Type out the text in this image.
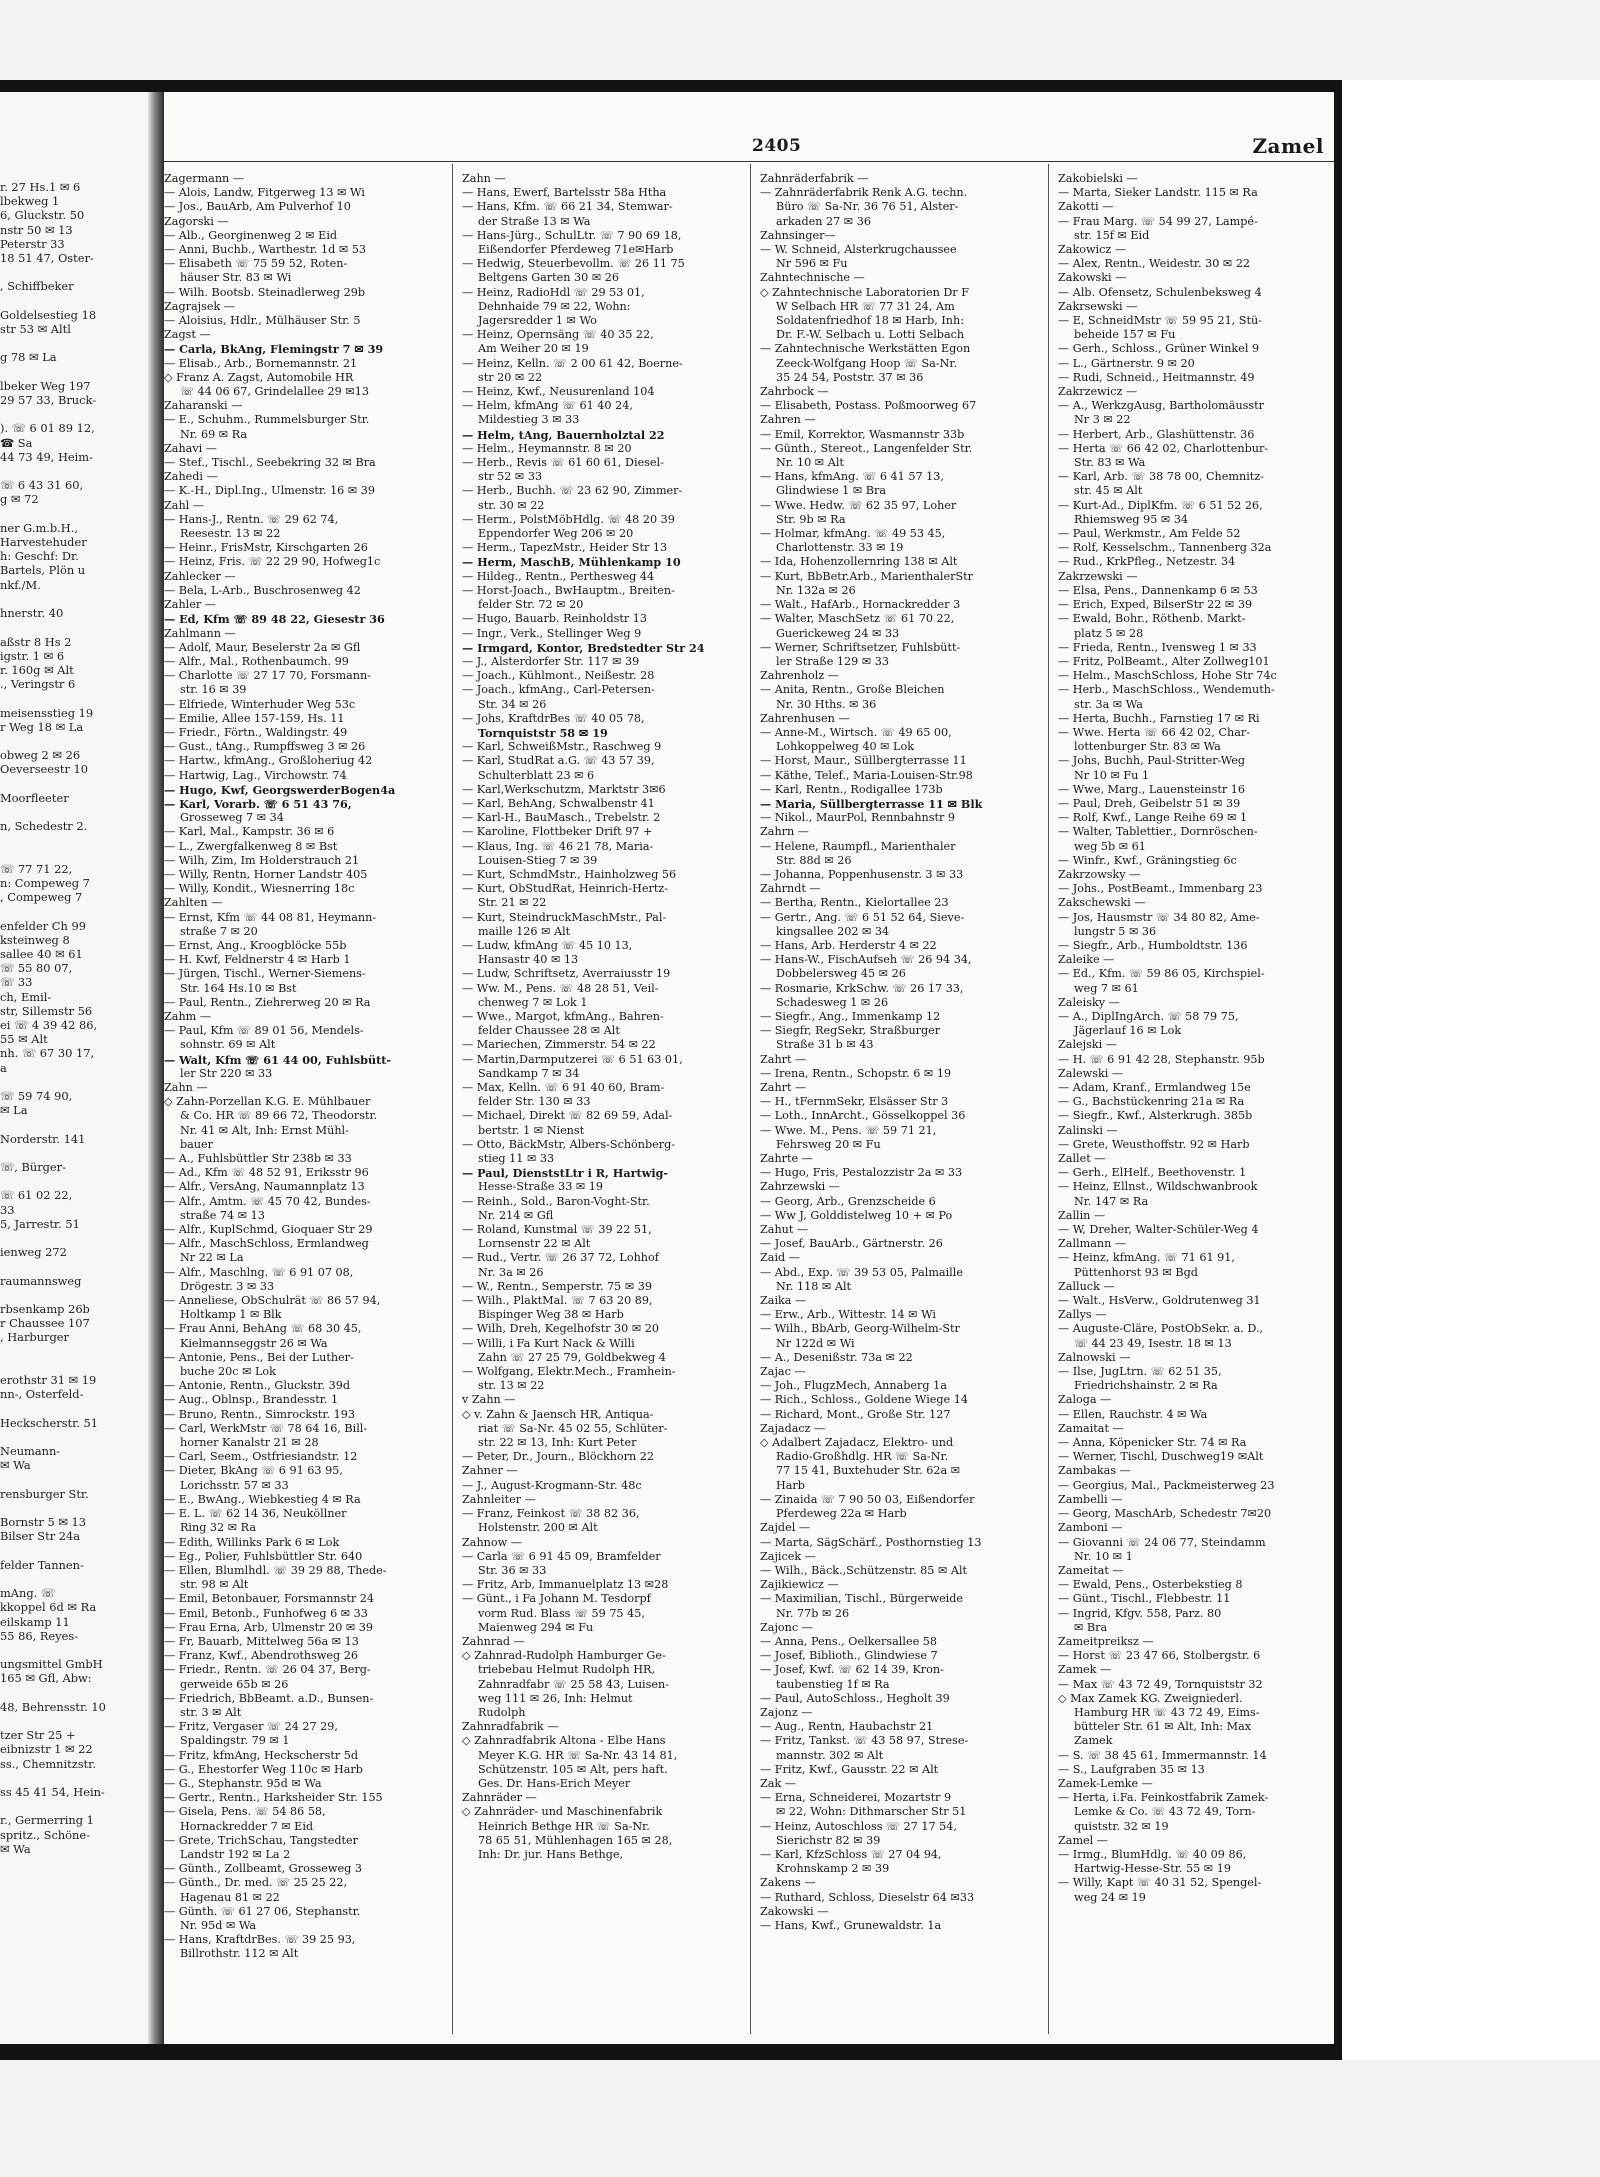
r. 27 Hs.1 ✉ 6
lbekweg 1
6, Gluckstr. 50
nstr 50 ✉ 13
Peterstr 33
18 51 47, Oster-

, Schiffbeker

Goldelsestieg 18
str 53 ✉ Altl

g 78 ✉ La

lbeker Weg 197
29 57 33, Bruck-

). ☏ 6 01 89 12,
☎ Sa
44 73 49, Heim-

☏ 6 43 31 60,
g ✉ 72

ner G.m.b.H.,
Harvestehuder
h: Geschf: Dr.
Bartels, Plön u
nkf./M.

hnerstr. 40

aßstr 8 Hs 2
igstr. 1 ✉ 6
r. 160g ✉ Alt
., Veringstr 6

meisensstieg 19
r Weg 18 ✉ La

obweg 2 ✉ 26
Oeverseestr 10

Moorfleeter

n, Schedestr 2.

☏ 77 71 22,
n: Compeweg 7
, Compeweg 7

enfelder Ch 99
ksteinweg 8
sallee 40 ✉ 61
☏ 55 80 07,
☏ 33
ch, Emil-
str, Sillemstr 56
ei ☏ 4 39 42 86,
55 ✉ Alt
nh. ☏ 67 30 17,
a

☏ 59 74 90,
✉ La

Norderstr. 141

☏, Bürger-

☏ 61 02 22,
33
5, Jarrestr. 51

ienweg 272

raumannsweg

rbsenkamp 26b
r Chaussee 107
, Harburger

erothstr 31 ✉ 19
nn-, Osterfeld-

Heckscherstr. 51

Neumann-
✉ Wa

rensburger Str.

Bornstr 5 ✉ 13
Bilser Str 24a

felder Tannen-

mAng. ☏
kkoppel 6d ✉ Ra
eilskamp 11
55 86, Reyes-

ungsmittel GmbH
165 ✉ Gfl, Abw:

48, Behrensstr. 10

tzer Str 25 +
eibnizstr 1 ✉ 22
ss., Chemnitzstr.

ss 45 41 54, Hein-

r., Germerring 1
spritz., Schöne-
✉ Wa
2405	Zamel
Zagermann —
— Alois, Landw, Fitgerweg 13 ✉ Wi
— Jos., BauArb, Am Pulverhof 10
Zagorski —
— Alb., Georginenweg 2 ✉ Eid
— Anni, Buchb., Warthestr. 1d ✉ 53
— Elisabeth ☏ 75 59 52, Roten-
häuser Str. 83 ✉ Wi
— Wilh. Bootsb. Steinadlerweg 29b
Zagrajsek —
— Aloisius, Hdlr., Mülhäuser Str. 5
Zagst —
— Carla, BkAng, Flemingstr 7 ✉ 39
— Elisab., Arb., Bornemannstr. 21
◇ Franz A. Zagst, Automobile HR
☏ 44 06 67, Grindelallee 29 ✉13
Zaharanski —
— E., Schuhm., Rummelsburger Str.
Nr. 69 ✉ Ra
Zahavi —
— Stef., Tischl., Seebekring 32 ✉ Bra
Zahedi —
— K.-H., Dipl.Ing., Ulmenstr. 16 ✉ 39
Zahl —
— Hans-J., Rentn. ☏ 29 62 74,
Reesestr. 13 ✉ 22
— Heinr., FrisMstr, Kirschgarten 26
— Heinz, Fris. ☏ 22 29 90, Hofweg1c
Zahlecker —
— Bela, L-Arb., Buschrosenweg 42
Zahler —
— Ed, Kfm ☏ 89 48 22, Giesestr 36
Zahlmann —
— Adolf, Maur, Beselerstr 2a ✉ Gfl
— Alfr., Mal., Rothenbaumch. 99
— Charlotte ☏ 27 17 70, Forsmann-
str. 16 ✉ 39
— Elfriede, Winterhuder Weg 53c
— Emilie, Allee 157-159, Hs. 11
— Friedr., Förtn., Waldingstr. 49
— Gust., tAng., Rumpffsweg 3 ✉ 26
— Hartw., kfmAng., Großloheriug 42
— Hartwig, Lag., Virchowstr. 74
— Hugo, Kwf, GeorgswerderBogen4a
— Karl, Vorarb. ☏ 6 51 43 76,
Grosseweg 7 ✉ 34
— Karl, Mal., Kampstr. 36 ✉ 6
— L., Zwergfalkenweg 8 ✉ Bst
— Wilh, Zim, Im Holderstrauch 21
— Willy, Rentn, Horner Landstr 405
— Willy, Kondit., Wiesnerring 18c
Zahlten —
— Ernst, Kfm ☏ 44 08 81, Heymann-
straße 7 ✉ 20
— Ernst, Ang., Kroogblöcke 55b
— H. Kwf, Feldnerstr 4 ✉ Harb 1
— Jürgen, Tischl., Werner-Siemens-
Str. 164 Hs.10 ✉ Bst
— Paul, Rentn., Ziehrerweg 20 ✉ Ra
Zahm —
— Paul, Kfm ☏ 89 01 56, Mendels-
sohnstr. 69 ✉ Alt
— Walt, Kfm ☏ 61 44 00, Fuhlsbütt-
ler Str 220 ✉ 33
Zahn —
◇ Zahn-Porzellan K.G. E. Mühlbauer
& Co. HR ☏ 89 66 72, Theodorstr.
Nr. 41 ✉ Alt, Inh: Ernst Mühl-
bauer
— A., Fuhlsbüttler Str 238b ✉ 33
— Ad., Kfm ☏ 48 52 91, Eriksstr 96
— Alfr., VersAng, Naumannplatz 13
— Alfr., Amtm. ☏ 45 70 42, Bundes-
straße 74 ✉ 13
— Alfr., KuplSchmd, Gioquaer Str 29
— Alfr., MaschSchloss, Ermlandweg
Nr 22 ✉ La
— Alfr., Maschlng. ☏ 6 91 07 08,
Drögestr. 3 ✉ 33
— Anneliese, ObSchulrät ☏ 86 57 94,
Holtkamp 1 ✉ Blk
— Frau Anni, BehAng ☏ 68 30 45,
Kielmannseggstr 26 ✉ Wa
— Antonie, Pens., Bei der Luther-
buche 20c ✉ Lok
— Antonie, Rentn., Gluckstr. 39d
— Aug., Oblnsp., Brandesstr. 1
— Bruno, Rentn., Simrockstr. 193
— Carl, WerkMstr ☏ 78 64 16, Bill-
horner Kanalstr 21 ✉ 28
— Carl, Seem., Ostfriesiandstr. 12
— Dieter, BkAng ☏ 6 91 63 95,
Lorichsstr. 57 ✉ 33
— E., BwAng., Wiebkestieg 4 ✉ Ra
— E. L. ☏ 62 14 36, Neuköllner
Ring 32 ✉ Ra
— Edith, Willinks Park 6 ✉ Lok
— Eg., Polier, Fuhlsbüttler Str. 640
— Ellen, Blumlhdl. ☏ 39 29 88, Thede-
str. 98 ✉ Alt
— Emil, Betonbauer, Forsmannstr 24
— Emil, Betonb., Funhofweg 6 ✉ 33
— Frau Erna, Arb, Ulmenstr 20 ✉ 39
— Fr, Bauarb, Mittelweg 56a ✉ 13
— Franz, Kwf., Abendrothsweg 26
— Friedr., Rentn. ☏ 26 04 37, Berg-
gerweide 65b ✉ 26
— Friedrich, BbBeamt. a.D., Bunsen-
str. 3 ✉ Alt
— Fritz, Vergaser ☏ 24 27 29,
Spaldingstr. 79 ✉ 1
— Fritz, kfmAng, Heckscherstr 5d
— G., Ehestorfer Weg 110c ✉ Harb
— G., Stephanstr. 95d ✉ Wa
— Gertr., Rentn., Harksheider Str. 155
— Gisela, Pens. ☏ 54 86 58,
Hornackredder 7 ✉ Eid
— Grete, TrichSchau, Tangstedter
Landstr 192 ✉ La 2
— Günth., Zollbeamt, Grosseweg 3
— Günth., Dr. med. ☏ 25 25 22,
Hagenau 81 ✉ 22
— Günth. ☏ 61 27 06, Stephanstr.
Nr. 95d ✉ Wa
— Hans, KraftdrBes. ☏ 39 25 93,
Billrothstr. 112 ✉ Alt
Zahn —
— Hans, Ewerf, Bartelsstr 58a Htha
— Hans, Kfm. ☏ 66 21 34, Stemwar-
der Straße 13 ✉ Wa
— Hans-Jürg., SchulLtr. ☏ 7 90 69 18,
Eißendorfer Pferdeweg 71e✉Harb
— Hedwig, Steuerbevollm. ☏ 26 11 75
Beltgens Garten 30 ✉ 26
— Heinz, RadioHdl ☏ 29 53 01,
Dehnhaide 79 ✉ 22, Wohn:
Jagersredder 1 ✉ Wo
— Heinz, Opernsäng ☏ 40 35 22,
Am Weiher 20 ✉ 19
— Heinz, Kelln. ☏ 2 00 61 42, Boerne-
str 20 ✉ 22
— Heinz, Kwf., Neusurenland 104
— Helm, kfmAng ☏ 61 40 24,
Mildestieg 3 ✉ 33
— Helm, tAng, Bauernholztal 22
— Helm., Heymannstr. 8 ✉ 20
— Herb., Revis ☏ 61 60 61, Diesel-
str 52 ✉ 33
— Herb., Buchh. ☏ 23 62 90, Zimmer-
str. 30 ✉ 22
— Herm., PolstMöbHdlg. ☏ 48 20 39
Eppendorfer Weg 206 ✉ 20
— Herm., TapezMstr., Heider Str 13
— Herm, MaschB, Mühlenkamp 10
— Hildeg., Rentn., Perthesweg 44
— Horst-Joach., BwHauptm., Breiten-
felder Str. 72 ✉ 20
— Hugo, Bauarb. Reinholdstr 13
— Ingr., Verk., Stellinger Weg 9
— Irmgard, Kontor, Bredstedter Str 24
— J., Alsterdorfer Str. 117 ✉ 39
— Joach., Kühlmont., Neißestr. 28
— Joach., kfmAng., Carl-Petersen-
Str. 34 ✉ 26
— Johs, KraftdrBes ☏ 40 05 78,
Tornquiststr 58 ✉ 19
— Karl, SchweißMstr., Raschweg 9
— Karl, StudRat a.G. ☏ 43 57 39,
Schulterblatt 23 ✉ 6
— Karl,Werkschutzm, Marktstr 3✉6
— Karl, BehAng, Schwalbenstr 41
— Karl-H., BauMasch., Trebelstr. 2
— Karoline, Flottbeker Drift 97 +
— Klaus, Ing. ☏ 46 21 78, Maria-
Louisen-Stieg 7 ✉ 39
— Kurt, SchmdMstr., Hainholzweg 56
— Kurt, ObStudRat, Heinrich-Hertz-
Str. 21 ✉ 22
— Kurt, SteindruckMaschMstr., Pal-
maille 126 ✉ Alt
— Ludw, kfmAng ☏ 45 10 13,
Hansastr 40 ✉ 13
— Ludw, Schriftsetz, Averraiusstr 19
— Ww. M., Pens. ☏ 48 28 51, Veil-
chenweg 7 ✉ Lok 1
— Wwe., Margot, kfmAng., Bahren-
felder Chaussee 28 ✉ Alt
— Mariechen, Zimmerstr. 54 ✉ 22
— Martin,Darmputzerei ☏ 6 51 63 01,
Sandkamp 7 ✉ 34
— Max, Kelln. ☏ 6 91 40 60, Bram-
felder Str. 130 ✉ 33
— Michael, Direkt ☏ 82 69 59, Adal-
bertstr. 1 ✉ Nienst
— Otto, BäckMstr, Albers-Schönberg-
stieg 11 ✉ 33
— Paul, DienststLtr i R, Hartwig-
Hesse-Straße 33 ✉ 19
— Reinh., Sold., Baron-Voght-Str.
Nr. 214 ✉ Gfl
— Roland, Kunstmal ☏ 39 22 51,
Lornsenstr 22 ✉ Alt
— Rud., Vertr. ☏ 26 37 72, Lohhof
Nr. 3a ✉ 26
— W., Rentn., Semperstr. 75 ✉ 39
— Wilh., PlaktMal. ☏ 7 63 20 89,
Bispinger Weg 38 ✉ Harb
— Wilh, Dreh, Kegelhofstr 30 ✉ 20
— Willi, i Fa Kurt Nack & Willi
Zahn ☏ 27 25 79, Goldbekweg 4
— Wolfgang, Elektr.Mech., Framhein-
str. 13 ✉ 22
v Zahn —
◇ v. Zahn & Jaensch HR, Antiqua-
riat ☏ Sa-Nr. 45 02 55, Schlüter-
str. 22 ✉ 13, Inh: Kurt Peter
— Peter, Dr., Journ., Blöckhorn 22
Zahner —
— J., August-Krogmann-Str. 48c
Zahnleiter —
— Franz, Feinkost ☏ 38 82 36,
Holstenstr. 200 ✉ Alt
Zahnow —
— Carla ☏ 6 91 45 09, Bramfelder
Str. 36 ✉ 33
— Fritz, Arb, Immanuelplatz 13 ✉28
— Günt., i Fa Johann M. Tesdorpf
vorm Rud. Blass ☏ 59 75 45,
Maienweg 294 ✉ Fu
Zahnrad —
◇ Zahnrad-Rudolph Hamburger Ge-
triebebau Helmut Rudolph HR,
Zahnradfabr ☏ 25 58 43, Luisen-
weg 111 ✉ 26, Inh: Helmut
Rudolph
Zahnradfabrik —
◇ Zahnradfabrik Altona - Elbe Hans
Meyer K.G. HR ☏ Sa-Nr. 43 14 81,
Schützenstr. 105 ✉ Alt, pers haft.
Ges. Dr. Hans-Erich Meyer
Zahnräder —
◇ Zahnräder- und Maschinenfabrik
Heinrich Bethge HR ☏ Sa-Nr.
78 65 51, Mühlenhagen 165 ✉ 28,
Inh: Dr. jur. Hans Bethge,
Zahnräderfabrik —
— Zahnräderfabrik Renk A.G. techn.
Büro ☏ Sa-Nr. 36 76 51, Alster-
arkaden 27 ✉ 36
Zahnsinger—
— W. Schneid, Alsterkrugchaussee
Nr 596 ✉ Fu
Zahntechnische —
◇ Zahntechnische Laboratorien Dr F
W Selbach HR ☏ 77 31 24, Am
Soldatenfriedhof 18 ✉ Harb, Inh:
Dr. F.-W. Selbach u. Lotti Selbach
— Zahntechnische Werkstätten Egon
Zeeck-Wolfgang Hoop ☏ Sa-Nr.
35 24 54, Poststr. 37 ✉ 36
Zahrbock —
— Elisabeth, Postass. Poßmoorweg 67
Zahren —
— Emil, Korrektor, Wasmannstr 33b
— Günth., Stereot., Langenfelder Str.
Nr. 10 ✉ Alt
— Hans, kfmAng. ☏ 6 41 57 13,
Glindwiese 1 ✉ Bra
— Wwe. Hedw. ☏ 62 35 97, Loher
Str. 9b ✉ Ra
— Holmar, kfmAng. ☏ 49 53 45,
Charlottenstr. 33 ✉ 19
— Ida, Hohenzollernring 138 ✉ Alt
— Kurt, BbBetr.Arb., MarienthalerStr
Nr. 132a ✉ 26
— Walt., HafArb., Hornackredder 3
— Walter, MaschSetz ☏ 61 70 22,
Guerickeweg 24 ✉ 33
— Werner, Schriftsetzer, Fuhlsbütt-
ler Straße 129 ✉ 33
Zahrenholz —
— Anita, Rentn., Große Bleichen
Nr. 30 Hths. ✉ 36
Zahrenhusen —
— Anne-M., Wirtsch. ☏ 49 65 00,
Lohkoppelweg 40 ✉ Lok
— Horst, Maur., Süllbergterrasse 11
— Käthe, Telef., Maria-Louisen-Str.98
— Karl, Rentn., Rodigallee 173b
— Maria, Süllbergterrasse 11 ✉ Blk
— Nikol., MaurPol, Rennbahnstr 9
Zahrn —
— Helene, Raumpfl., Marienthaler
Str. 88d ✉ 26
— Johanna, Poppenhusenstr. 3 ✉ 33
Zahrndt —
— Bertha, Rentn., Kielortallee 23
— Gertr., Ang. ☏ 6 51 52 64, Sieve-
kingsallee 202 ✉ 34
— Hans, Arb. Herderstr 4 ✉ 22
— Hans-W., FischAufseh ☏ 26 94 34,
Dobbelersweg 45 ✉ 26
— Rosmarie, KrkSchw. ☏ 26 17 33,
Schadesweg 1 ✉ 26
— Siegfr., Ang., Immenkamp 12
— Siegfr, RegSekr, Straßburger
Straße 31 b ✉ 43
Zahrt —
— Irena, Rentn., Schopstr. 6 ✉ 19
Zahrt —
— H., tFernmSekr, Elsässer Str 3
— Loth., InnArcht., Gösselkoppel 36
— Wwe. M., Pens. ☏ 59 71 21,
Fehrsweg 20 ✉ Fu
Zahrte —
— Hugo, Fris, Pestalozzistr 2a ✉ 33
Zahrzewski —
— Georg, Arb., Grenzscheide 6
— Ww J, Golddistelweg 10 + ✉ Po
Zahut —
— Josef, BauArb., Gärtnerstr. 26
Zaid —
— Abd., Exp. ☏ 39 53 05, Palmaille
Nr. 118 ✉ Alt
Zaika —
— Erw., Arb., Wittestr. 14 ✉ Wi
— Wilh., BbArb, Georg-Wilhelm-Str
Nr 122d ✉ Wi
— A., Desenißstr. 73a ✉ 22
Zajac —
— Joh., FlugzMech, Annaberg 1a
— Rich., Schloss., Goldene Wiege 14
— Richard, Mont., Große Str. 127
Zajadacz —
◇ Adalbert Zajadacz, Elektro- und
Radio-Großhdlg. HR ☏ Sa-Nr.
77 15 41, Buxtehuder Str. 62a ✉
Harb
— Zinaida ☏ 7 90 50 03, Eißendorfer
Pferdeweg 22a ✉ Harb
Zajdel —
— Marta, SägSchärf., Posthornstieg 13
Zajicek —
— Wilh., Bäck.,Schützenstr. 85 ✉ Alt
Zajikiewicz —
— Maximilian, Tischl., Bürgerweide
Nr. 77b ✉ 26
Zajonc —
— Anna, Pens., Oelkersallee 58
— Josef, Biblioth., Glindwiese 7
— Josef, Kwf. ☏ 62 14 39, Kron-
taubenstieg 1f ✉ Ra
— Paul, AutoSchloss., Hegholt 39
Zajonz —
— Aug., Rentn, Haubachstr 21
— Fritz, Tankst. ☏ 43 58 97, Strese-
mannstr. 302 ✉ Alt
— Fritz, Kwf., Gausstr. 22 ✉ Alt
Zak —
— Erna, Schneiderei, Mozartstr 9
✉ 22, Wohn: Dithmarscher Str 51
— Heinz, Autoschloss ☏ 27 17 54,
Sierichstr 82 ✉ 39
— Karl, KfzSchloss ☏ 27 04 94,
Krohnskamp 2 ✉ 39
Zakens —
— Ruthard, Schloss, Dieselstr 64 ✉33
Zakowski —
— Hans, Kwf., Grunewaldstr. 1a
Zakobielski —
— Marta, Sieker Landstr. 115 ✉ Ra
Zakotti —
— Frau Marg. ☏ 54 99 27, Lampé-
str. 15f ✉ Eid
Zakowicz —
— Alex, Rentn., Weidestr. 30 ✉ 22
Zakowski —
— Alb. Ofensetz, Schulenbeksweg 4
Zakrsewski —
— E, SchneidMstr ☏ 59 95 21, Stü-
beheide 157 ✉ Fu
— Gerh., Schloss., Grüner Winkel 9
— L., Gärtnerstr. 9 ✉ 20
— Rudi, Schneid., Heitmannstr. 49
Zakrzewicz —
— A., WerkzgAusg, Bartholomäusstr
Nr 3 ✉ 22
— Herbert, Arb., Glashüttenstr. 36
— Herta ☏ 66 42 02, Charlottenbur-
Str. 83 ✉ Wa
— Karl, Arb. ☏ 38 78 00, Chemnitz-
str. 45 ✉ Alt
— Kurt-Ad., DiplKfm. ☏ 6 51 52 26,
Rhiemsweg 95 ✉ 34
— Paul, Werkmstr., Am Felde 52
— Rolf, Kesselschm., Tannenberg 32a
— Rud., KrkPfleg., Netzestr. 34
Zakrzewski —
— Elsa, Pens., Dannenkamp 6 ✉ 53
— Erich, Exped, BilserStr 22 ✉ 39
— Ewald, Bohr., Röthenb. Markt-
platz 5 ✉ 28
— Frieda, Rentn., Ivensweg 1 ✉ 33
— Fritz, PolBeamt., Alter Zollweg101
— Helm., MaschSchloss, Hohe Str 74c
— Herb., MaschSchloss., Wendemuth-
str. 3a ✉ Wa
— Herta, Buchh., Farnstieg 17 ✉ Ri
— Wwe. Herta ☏ 66 42 02, Char-
lottenburger Str. 83 ✉ Wa
— Johs, Buchh, Paul-Stritter-Weg
Nr 10 ✉ Fu 1
— Wwe, Marg., Lauensteinstr 16
— Paul, Dreh, Geibelstr 51 ✉ 39
— Rolf, Kwf., Lange Reihe 69 ✉ 1
— Walter, Tablettier., Dornröschen-
weg 5b ✉ 61
— Winfr., Kwf., Gräningstieg 6c
Zakrzowsky —
— Johs., PostBeamt., Immenbarg 23
Zakschewski —
— Jos, Hausmstr ☏ 34 80 82, Ame-
lungstr 5 ✉ 36
— Siegfr., Arb., Humboldtstr. 136
Zaleike —
— Ed., Kfm. ☏ 59 86 05, Kirchspiel-
weg 7 ✉ 61
Zaleisky —
— A., DiplIngArch. ☏ 58 79 75,
Jägerlauf 16 ✉ Lok
Zalejski —
— H. ☏ 6 91 42 28, Stephanstr. 95b
Zalewski —
— Adam, Kranf., Ermlandweg 15e
— G., Bachstückenring 21a ✉ Ra
— Siegfr., Kwf., Alsterkrugh. 385b
Zalinski —
— Grete, Weusthoffstr. 92 ✉ Harb
Zallet —
— Gerh., ElHelf., Beethovenstr. 1
— Heinz, Ellnst., Wildschwanbrook
Nr. 147 ✉ Ra
Zallin —
— W, Dreher, Walter-Schüler-Weg 4
Zallmann —
— Heinz, kfmAng. ☏ 71 61 91,
Püttenhorst 93 ✉ Bgd
Zalluck —
— Walt., HsVerw., Goldrutenweg 31
Zallys —
— Auguste-Cläre, PostObSekr. a. D.,
☏ 44 23 49, Isestr. 18 ✉ 13
Zalnowski —
— Ilse, JugLtrn. ☏ 62 51 35,
Friedrichshainstr. 2 ✉ Ra
Zaloga —
— Ellen, Rauchstr. 4 ✉ Wa
Zamaitat —
— Anna, Köpenicker Str. 74 ✉ Ra
— Werner, Tischl, Duschweg19 ✉Alt
Zambakas —
— Georgius, Mal., Packmeisterweg 23
Zambelli —
— Georg, MaschArb, Schedestr 7✉20
Zamboni —
— Giovanni ☏ 24 06 77, Steindamm
Nr. 10 ✉ 1
Zameitat —
— Ewald, Pens., Osterbekstieg 8
— Günt., Tischl., Flebbestr. 11
— Ingrid, Kfgv. 558, Parz. 80
✉ Bra
Zameitpreiksz —
— Horst ☏ 23 47 66, Stolbergstr. 6
Zamek —
— Max ☏ 43 72 49, Tornquiststr 32
◇ Max Zamek KG. Zweigniederl.
Hamburg HR ☏ 43 72 49, Eims-
bütteler Str. 61 ✉ Alt, Inh: Max
Zamek
— S. ☏ 38 45 61, Immermannstr. 14
— S., Laufgraben 35 ✉ 13
Zamek-Lemke —
— Herta, i.Fa. Feinkostfabrik Zamek-
Lemke & Co. ☏ 43 72 49, Torn-
quiststr. 32 ✉ 19
Zamel —
— Irmg., BlumHdlg. ☏ 40 09 86,
Hartwig-Hesse-Str. 55 ✉ 19
— Willy, Kapt ☏ 40 31 52, Spengel-
weg 24 ✉ 19
